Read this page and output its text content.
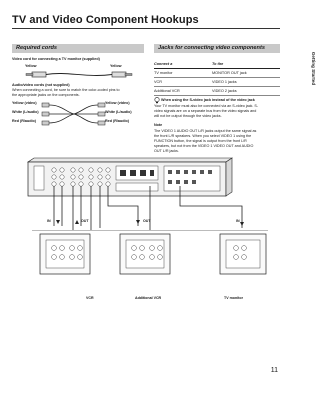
TV and Video Component Hookups
Getting Started
Required cords
Video cord for connecting a TV monitor (supplied)
Yellow	Yellow
Audio/video cords (not supplied)
When connecting a cord, be sure to match the color-coded pins to
the appropriate jacks on the components.
Yellow (video)
White (L/audio)
Red (R/audio)
Yellow (video)
White (L/audio)
Red (R/audio)
Jacks for connecting video components
Connect a	To the
TV monitor	MONITOR OUT jack
VCR	VIDEO 1 jacks
Additional VCR	VIDEO 2 jacks
When using the S-video jack instead of the video jack
Your TV monitor must also be connected via an S-video jack. S-
video signals are on a separate bus from the video signals and
will not be output through the video jacks.
Note
The VIDEO 1 AUDIO OUT L/R jacks output the same signal as
the front L/R speakers. When you select VIDEO 1 using the
FUNCTION button, the signal is output from the front L/R
speakers, but not from the VIDEO 1 VIDEO OUT and AUDIO
OUT L/R jacks.
IN	OUT	OUT	IN
VCR	Additional VCR	TV monitor
11
